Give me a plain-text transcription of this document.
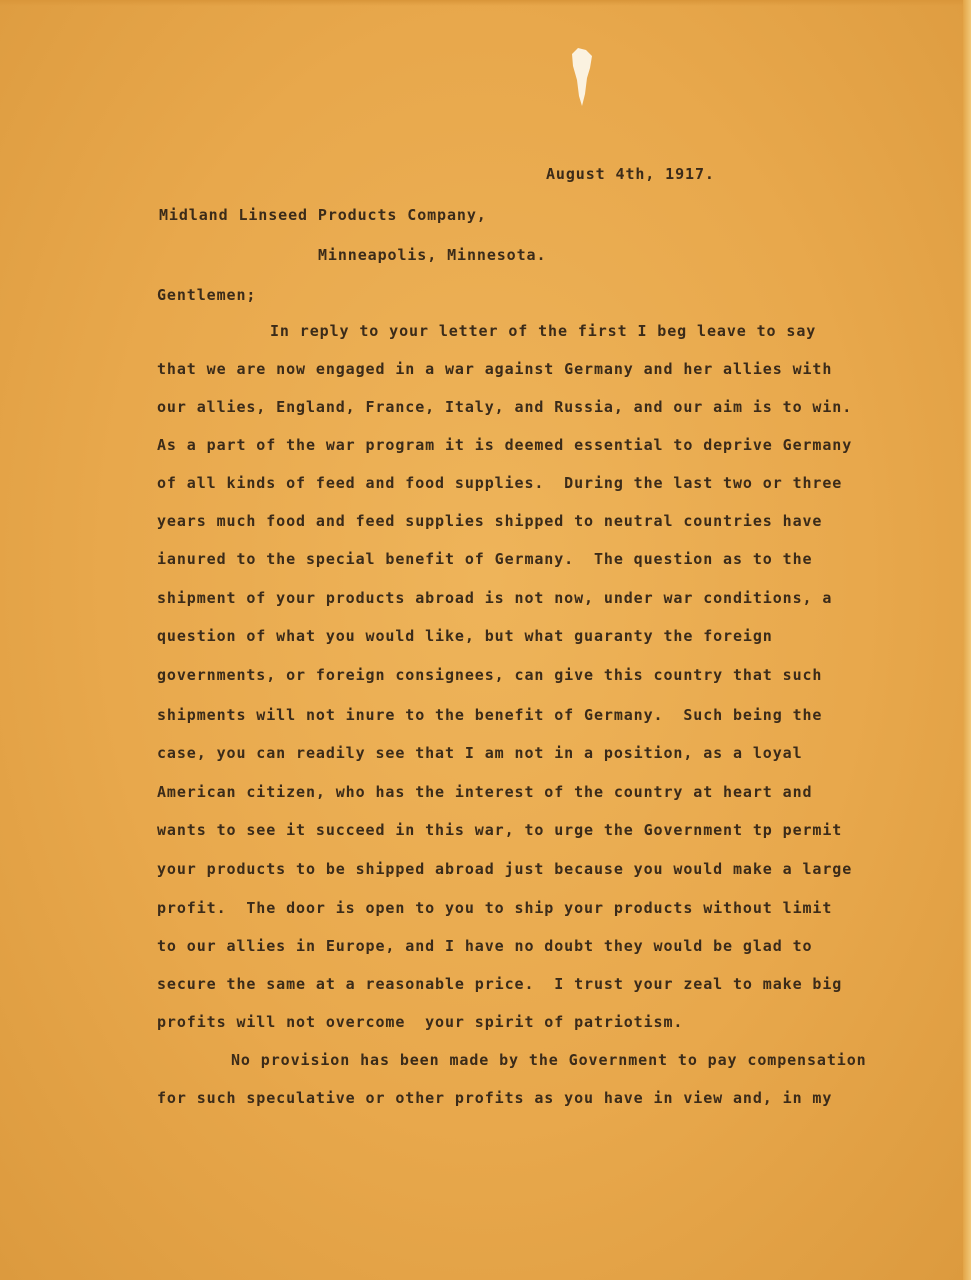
August 4th, 1917.
Midland Linseed Products Company,
Minneapolis, Minnesota.
Gentlemen;
In reply to your letter of the first I beg leave to say
that we are now engaged in a war against Germany and her allies with
our allies, England, France, Italy, and Russia, and our aim is to win.
As a part of the war program it is deemed essential to deprive Germany
of all kinds of feed and food supplies.  During the last two or three
years much food and feed supplies shipped to neutral countries have
ianured to the special benefit of Germany.  The question as to the
shipment of your products abroad is not now, under war conditions, a
question of what you would like, but what guaranty the foreign
governments, or foreign consignees, can give this country that such
shipments will not inure to the benefit of Germany.  Such being the
case, you can readily see that I am not in a position, as a loyal
American citizen, who has the interest of the country at heart and
wants to see it succeed in this war, to urge the Government tp permit
your products to be shipped abroad just because you would make a large
profit.  The door is open to you to ship your products without limit
to our allies in Europe, and I have no doubt they would be glad to
secure the same at a reasonable price.  I trust your zeal to make big
profits will not overcome  your spirit of patriotism.
No provision has been made by the Government to pay compensation
for such speculative or other profits as you have in view and, in my
